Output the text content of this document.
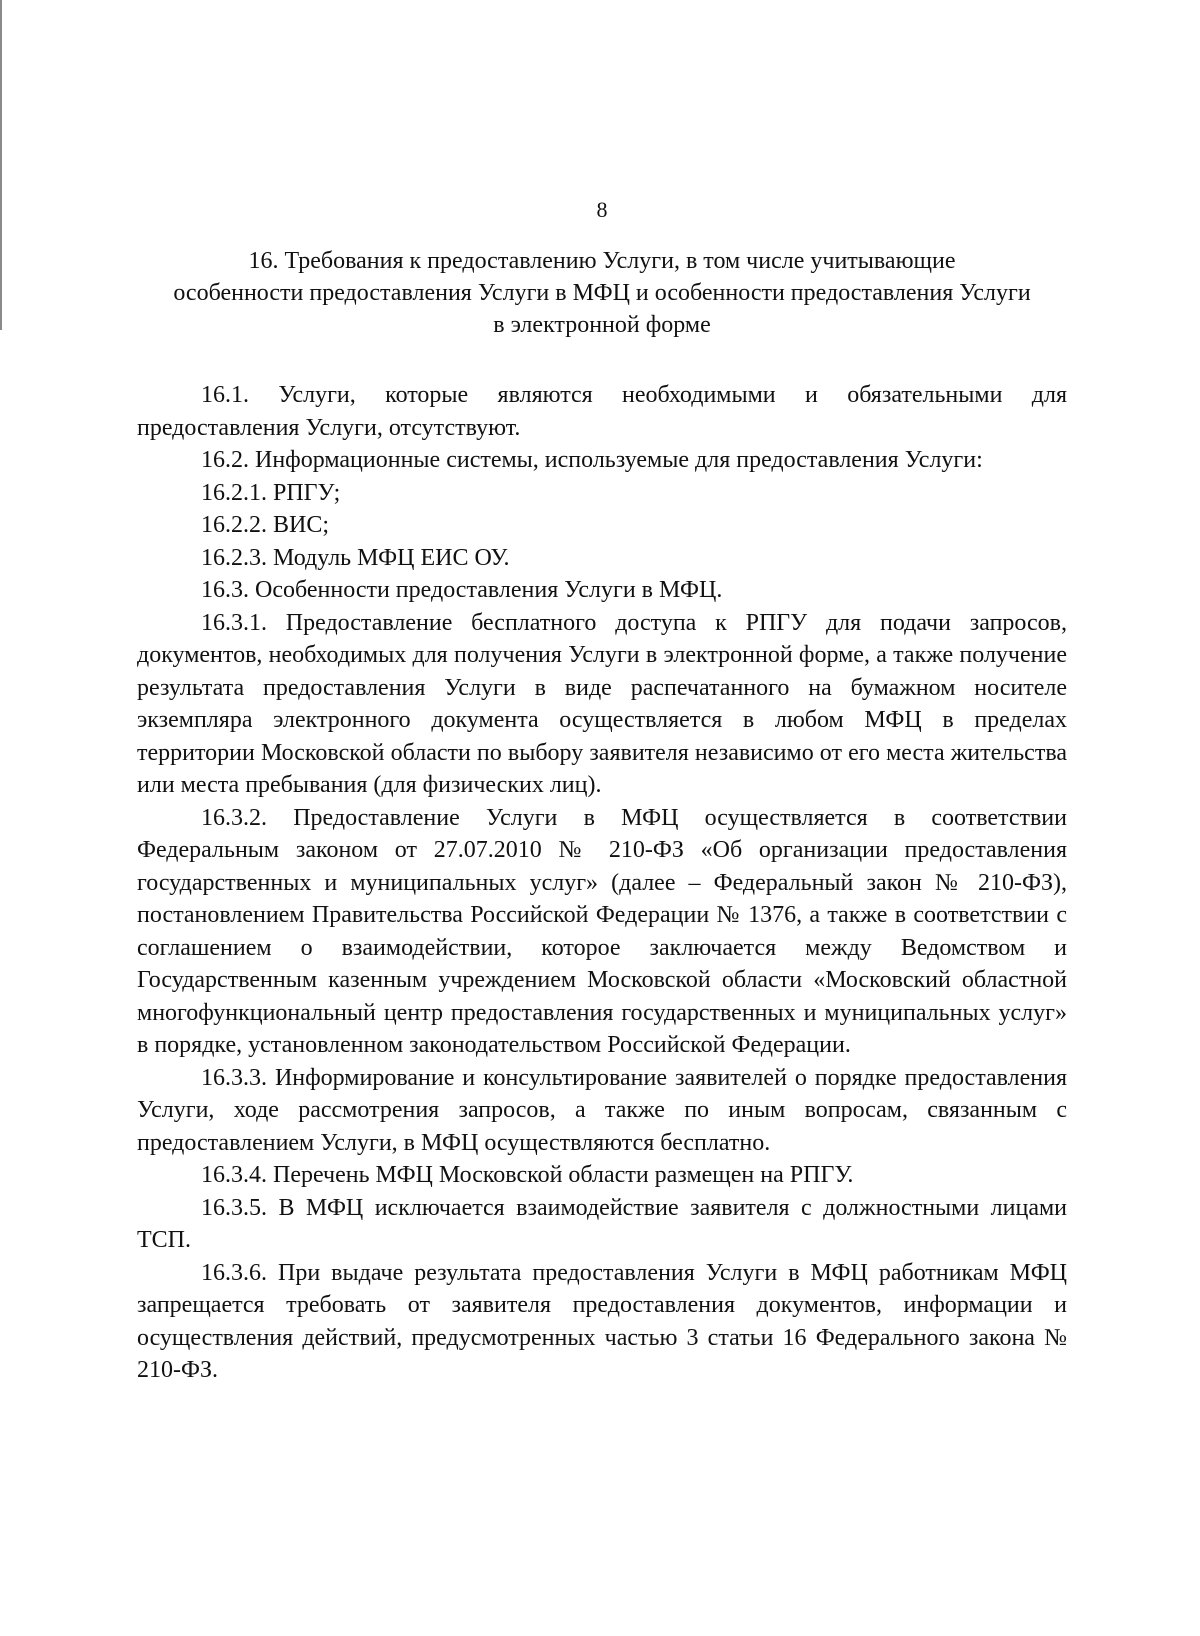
8
16. Требования к предоставлению Услуги, в том числе учитывающие
особенности предоставления Услуги в МФЦ и особенности предоставления Услуги
в электронной форме

16.1. Услуги, которые являются необходимыми и обязательными для предоставления Услуги, отсутствуют.

16.2. Информационные системы, используемые для предоставления Услуги:

16.2.1. РПГУ;

16.2.2. ВИС;

16.2.3. Модуль МФЦ ЕИС ОУ.

16.3. Особенности предоставления Услуги в МФЦ.

16.3.1. Предоставление бесплатного доступа к РПГУ для подачи запросов, документов, необходимых для получения Услуги в электронной форме, а также получение результата предоставления Услуги в виде распечатанного на бумажном носителе экземпляра электронного документа осуществляется в любом МФЦ в пределах территории Московской области по выбору заявителя независимо от его места жительства или места пребывания (для физических лиц).

16.3.2. Предоставление Услуги в МФЦ осуществляется в соответствии Федеральным законом от 27.07.2010 № 210-ФЗ «Об организации предоставления государственных и муниципальных услуг» (далее – Федеральный закон № 210-ФЗ), постановлением Правительства Российской Федерации № 1376, а также в соответствии с соглашением о взаимодействии, которое заключается между Ведомством и Государственным казенным учреждением Московской области «Московский областной многофункциональный центр предоставления государственных и муниципальных услуг» в порядке, установленном законодательством Российской Федерации.

16.3.3. Информирование и консультирование заявителей о порядке предоставления Услуги, ходе рассмотрения запросов, а также по иным вопросам, связанным с предоставлением Услуги, в МФЦ осуществляются бесплатно.

16.3.4. Перечень МФЦ Московской области размещен на РПГУ.

16.3.5. В МФЦ исключается взаимодействие заявителя с должностными лицами ТСП.

16.3.6. При выдаче результата предоставления Услуги в МФЦ работникам МФЦ запрещается требовать от заявителя предоставления документов, информации и осуществления действий, предусмотренных частью 3 статьи 16 Федерального закона № 210-ФЗ.
